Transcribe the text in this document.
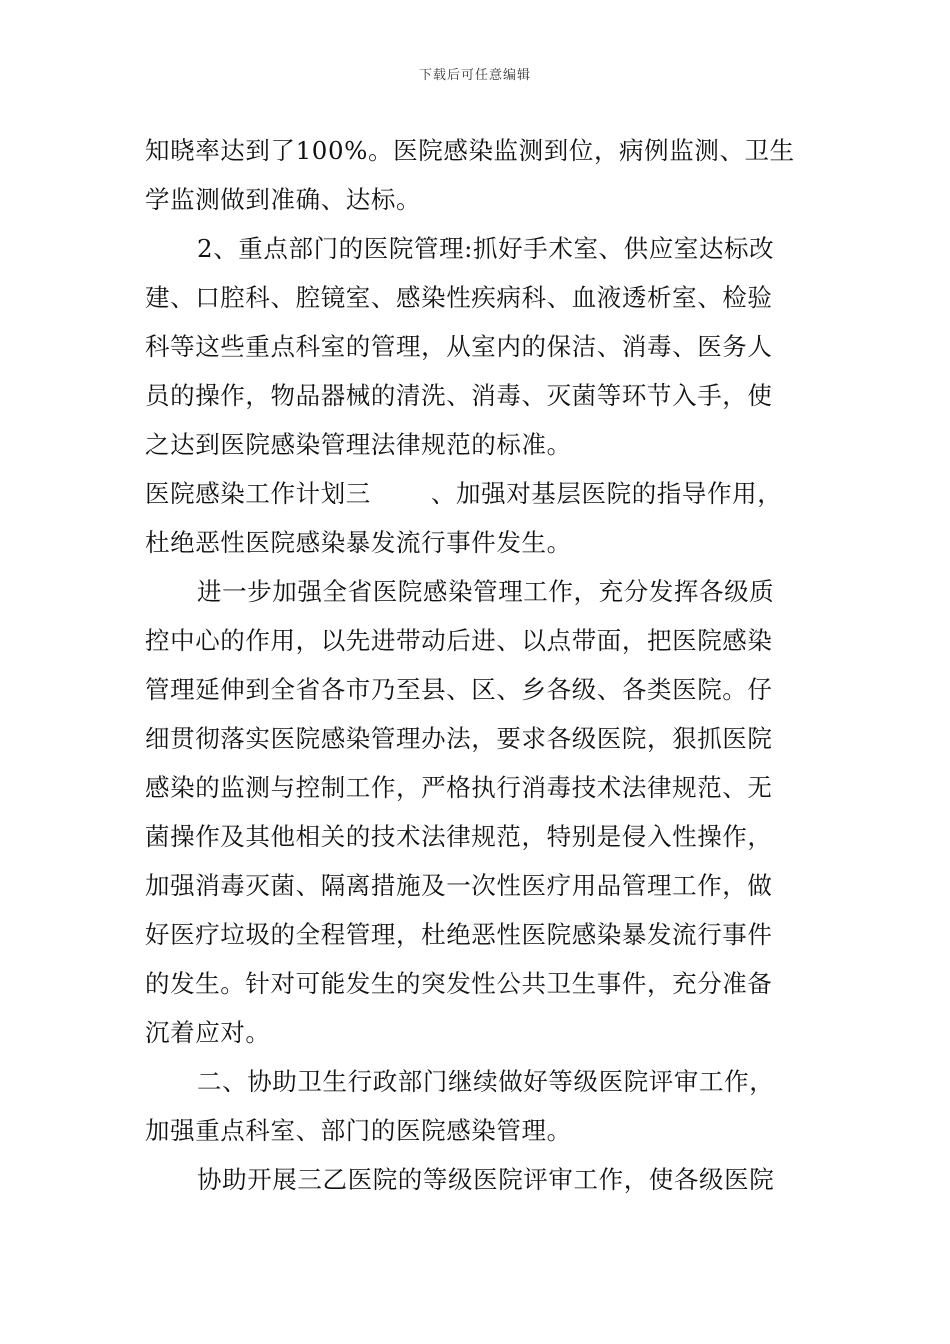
下载后可任意编辑
知晓率达到了100%。医院感染监测到位，病例监测、卫生
学监测做到准确、达标。
2、重点部门的医院管理:抓好手术室、供应室达标改
建、口腔科、腔镜室、感染性疾病科、血液透析室、检验
科等这些重点科室的管理，从室内的保洁、消毒、医务人
员的操作，物品器械的清洗、消毒、灭菌等环节入手，使
之达到医院感染管理法律规范的标准。
医院感染工作计划三 、加强对基层医院的指导作用，
杜绝恶性医院感染暴发流行事件发生。
进一步加强全省医院感染管理工作，充分发挥各级质
控中心的作用，以先进带动后进、以点带面，把医院感染
管理延伸到全省各市乃至县、区、乡各级、各类医院。仔
细贯彻落实医院感染管理办法，要求各级医院，狠抓医院
感染的监测与控制工作，严格执行消毒技术法律规范、无
菌操作及其他相关的技术法律规范，特别是侵入性操作，
加强消毒灭菌、隔离措施及一次性医疗用品管理工作，做
好医疗垃圾的全程管理，杜绝恶性医院感染暴发流行事件
的发生。针对可能发生的突发性公共卫生事件，充分准备
沉着应对。
二、协助卫生行政部门继续做好等级医院评审工作，
加强重点科室、部门的医院感染管理。
协助开展三乙医院的等级医院评审工作，使各级医院
